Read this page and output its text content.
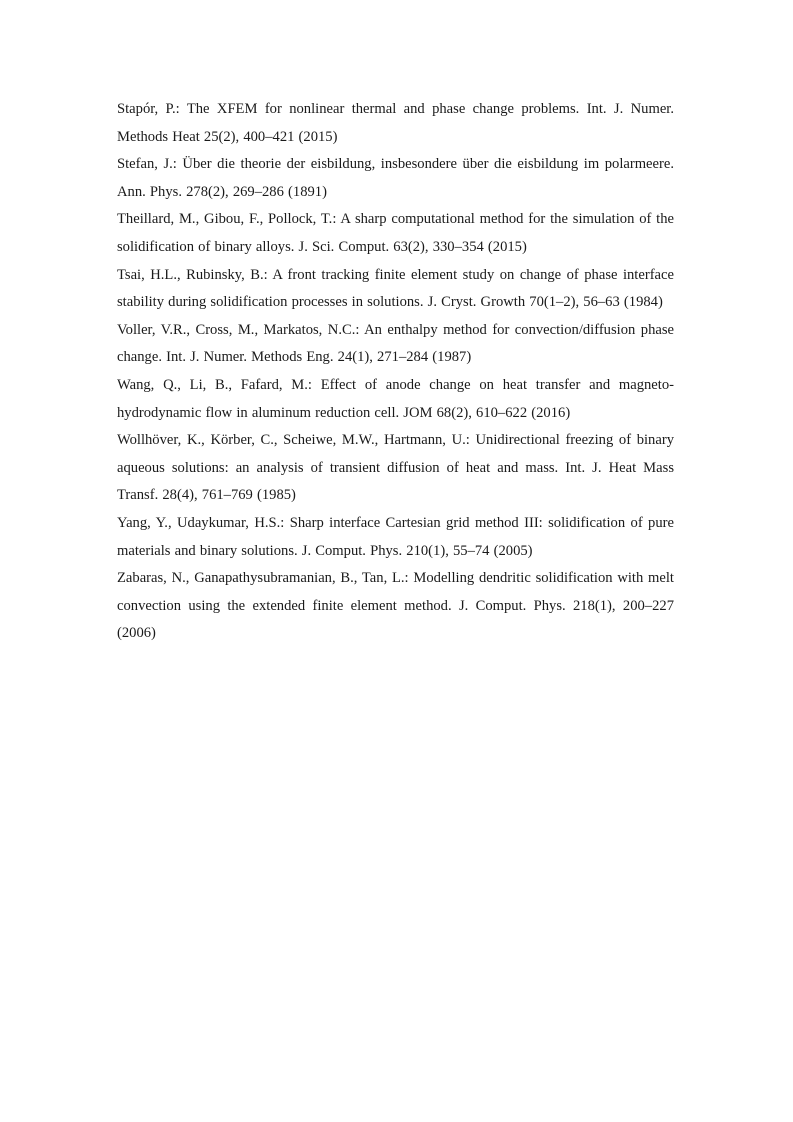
Stapór, P.: The XFEM for nonlinear thermal and phase change problems. Int. J. Numer. Methods Heat 25(2), 400–421 (2015)
Stefan, J.: Über die theorie der eisbildung, insbesondere über die eisbildung im polarmeere. Ann. Phys. 278(2), 269–286 (1891)
Theillard, M., Gibou, F., Pollock, T.: A sharp computational method for the simulation of the solidification of binary alloys. J. Sci. Comput. 63(2), 330–354 (2015)
Tsai, H.L., Rubinsky, B.: A front tracking finite element study on change of phase interface stability during solidification processes in solutions. J. Cryst. Growth 70(1–2), 56–63 (1984)
Voller, V.R., Cross, M., Markatos, N.C.: An enthalpy method for convection/diffusion phase change. Int. J. Numer. Methods Eng. 24(1), 271–284 (1987)
Wang, Q., Li, B., Fafard, M.: Effect of anode change on heat transfer and magneto-hydrodynamic flow in aluminum reduction cell. JOM 68(2), 610–622 (2016)
Wollhöver, K., Körber, C., Scheiwe, M.W., Hartmann, U.: Unidirectional freezing of binary aqueous solutions: an analysis of transient diffusion of heat and mass. Int. J. Heat Mass Transf. 28(4), 761–769 (1985)
Yang, Y., Udaykumar, H.S.: Sharp interface Cartesian grid method III: solidification of pure materials and binary solutions. J. Comput. Phys. 210(1), 55–74 (2005)
Zabaras, N., Ganapathysubramanian, B., Tan, L.: Modelling dendritic solidification with melt convection using the extended finite element method. J. Comput. Phys. 218(1), 200–227 (2006)
